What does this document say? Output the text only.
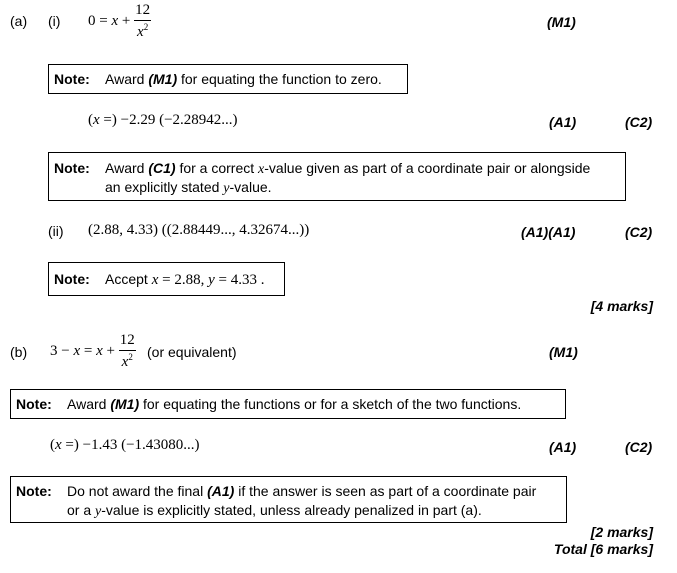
(a) (i) $0 = x + \frac{12}{x^2}$	(M1)
Note: Award (M1) for equating the function to zero.
(x =) −2.29 (−2.28942...)	(A1)	(C2)
Note: Award (C1) for a correct x-value given as part of a coordinate pair or alongside
an explicitly stated y-value.
(ii) (2.88, 4.33) ((2.88449..., 4.32674...))	(A1)(A1)	(C2)
Note: Accept x = 2.88, y = 4.33 .
[4 marks]
(b) $3 - x = x + \frac{12}{x^2} (or$ equivalent)	(M1)
Note: Award (M1) for equating the functions or for a sketch of the two functions.
(x =) −1.43 (−1.43080...)	(A1)	(C2)
Note: Do not award the final (A1) if the answer is seen as part of a coordinate pair
or a y-value is explicitly stated, unless already penalized in part (a).
[2 marks]
Total [6 marks]
